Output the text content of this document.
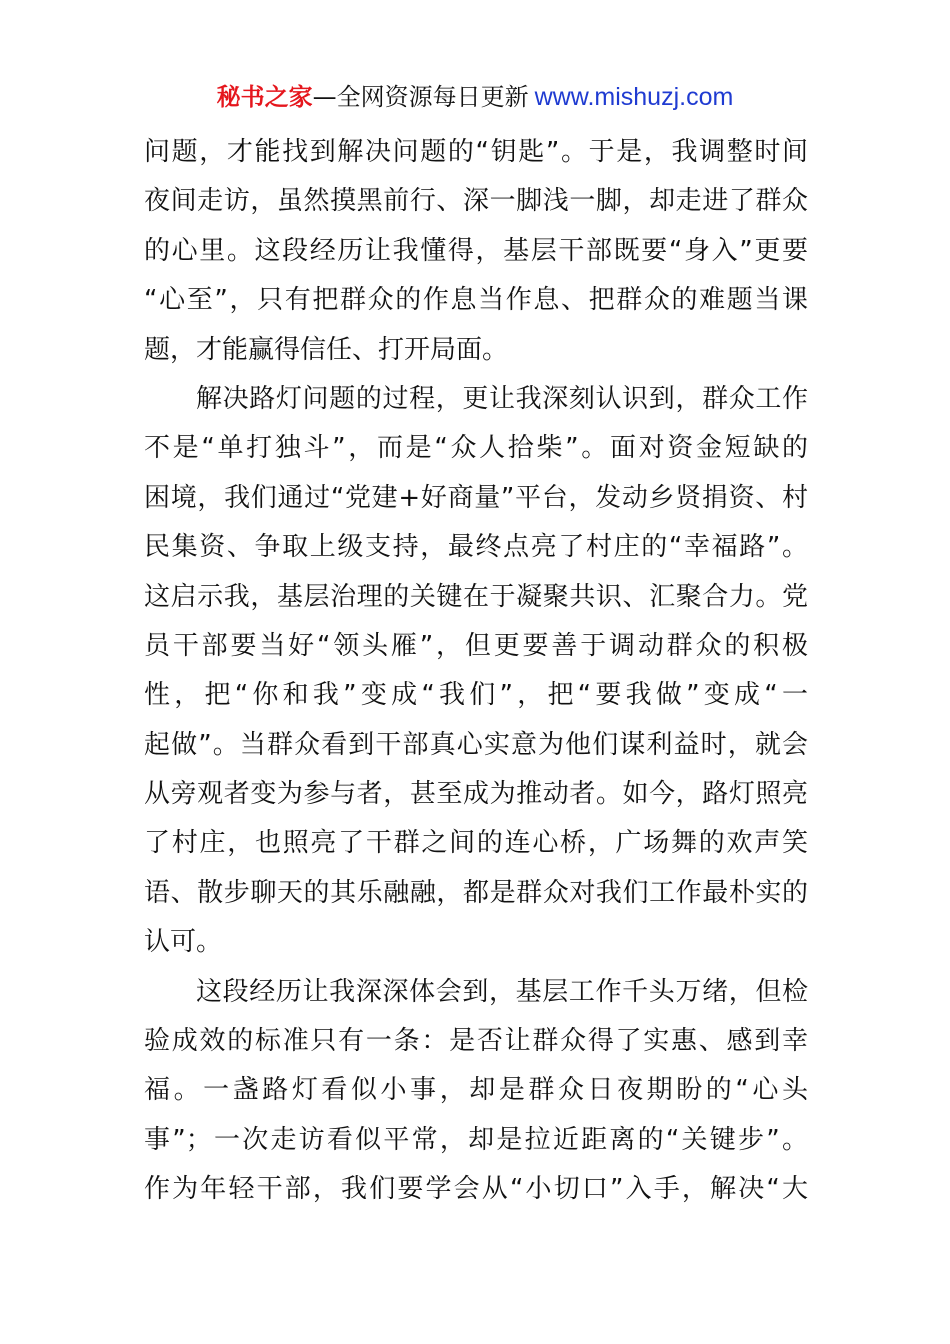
秘书之家—全网资源每日更新 www.mishuzj.com
问题，才能找到解决问题的“钥匙”。于是，我调整时间
夜间走访，虽然摸黑前行、深一脚浅一脚，却走进了群众
的心里。这段经历让我懂得，基层干部既要“身入”更要
“心至”，只有把群众的作息当作息、把群众的难题当课
题，才能赢得信任、打开局面。
解决路灯问题的过程，更让我深刻认识到，群众工作
不是“单打独斗”，而是“众人拾柴”。面对资金短缺的
困境，我们通过“党建+好商量”平台，发动乡贤捐资、村
民集资、争取上级支持，最终点亮了村庄的“幸福路”。
这启示我，基层治理的关键在于凝聚共识、汇聚合力。党
员干部要当好“领头雁”，但更要善于调动群众的积极
性，把“你和我”变成“我们”，把“要我做”变成“一
起做”。当群众看到干部真心实意为他们谋利益时，就会
从旁观者变为参与者，甚至成为推动者。如今，路灯照亮
了村庄，也照亮了干群之间的连心桥，广场舞的欢声笑
语、散步聊天的其乐融融，都是群众对我们工作最朴实的
认可。
这段经历让我深深体会到，基层工作千头万绪，但检
验成效的标准只有一条：是否让群众得了实惠、感到幸
福。一盏路灯看似小事，却是群众日夜期盼的“心头
事”；一次走访看似平常，却是拉近距离的“关键步”。
作为年轻干部，我们要学会从“小切口”入手，解决“大
